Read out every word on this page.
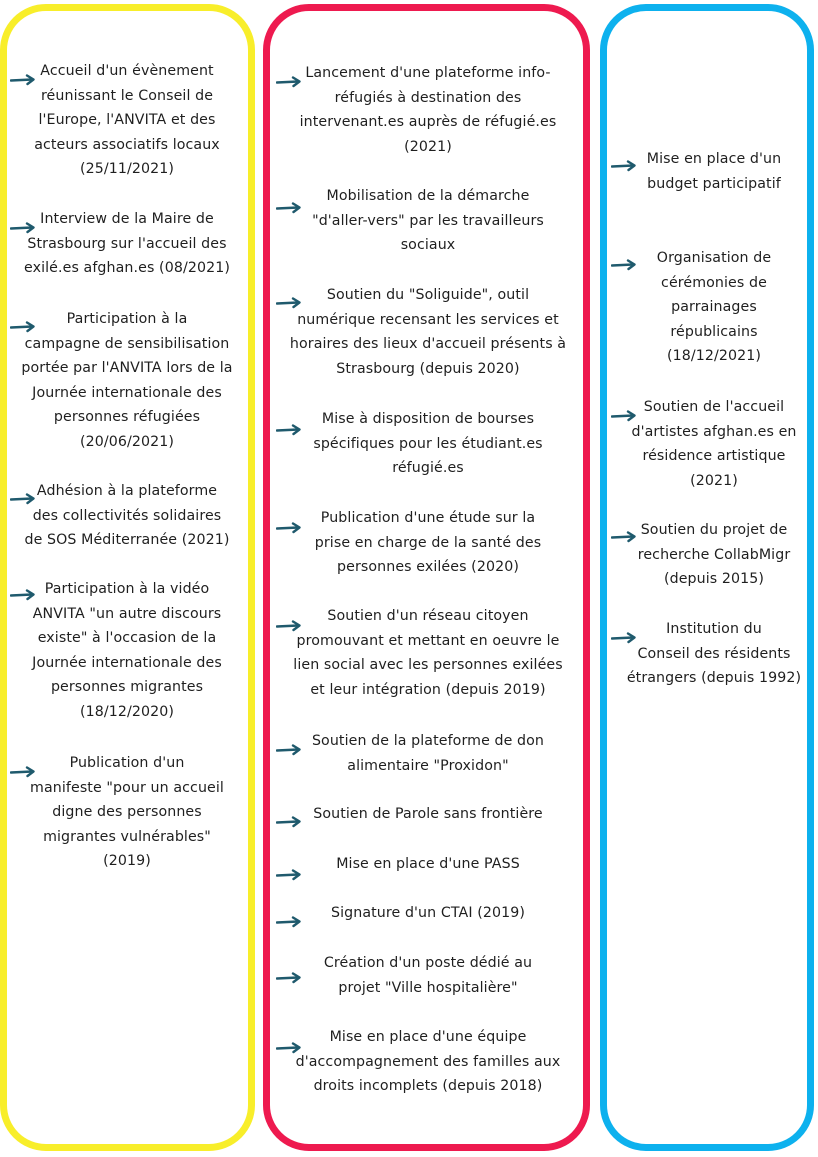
Accueil d'un évènement
réunissant le Conseil de
l'Europe, l'ANVITA et des
acteurs associatifs locaux
(25/11/2021)
Interview de la Maire de
Strasbourg sur l'accueil des
exilé.es afghan.es (08/2021)
Participation à la
campagne de sensibilisation
portée par l'ANVITA lors de la
Journée internationale des
personnes réfugiées
(20/06/2021)
Adhésion à la plateforme
des collectivités solidaires
de SOS Méditerranée (2021)
Participation à la vidéo
ANVITA "un autre discours
existe" à l'occasion de la
Journée internationale des
personnes migrantes
(18/12/2020)
Publication d'un
manifeste "pour un accueil
digne des personnes
migrantes vulnérables"
(2019)
Lancement d'une plateforme info-
réfugiés à destination des
intervenant.es auprès de réfugié.es
(2021)
Mobilisation de la démarche
"d'aller-vers" par les travailleurs
sociaux
Soutien du "Soliguide", outil
numérique recensant les services et
horaires des lieux d'accueil présents à
Strasbourg (depuis 2020)
Mise à disposition de bourses
spécifiques pour les étudiant.es
réfugié.es
Publication d'une étude sur la
prise en charge de la santé des
personnes exilées (2020)
Soutien d'un réseau citoyen
promouvant et mettant en oeuvre le
lien social avec les personnes exilées
et leur intégration (depuis 2019)
Soutien de la plateforme de don
alimentaire "Proxidon"
Soutien de Parole sans frontière
Mise en place d'une PASS
Signature d'un CTAI (2019)
Création d'un poste dédié au
projet "Ville hospitalière"
Mise en place d'une équipe
d'accompagnement des familles aux
droits incomplets (depuis 2018)
Mise en place d'un
budget participatif
Organisation de
cérémonies de
parrainages
républicains
(18/12/2021)
Soutien de l'accueil
d'artistes afghan.es en
résidence artistique
(2021)
Soutien du projet de
recherche CollabMigr
(depuis 2015)
Institution du
Conseil des résidents
étrangers (depuis 1992)
